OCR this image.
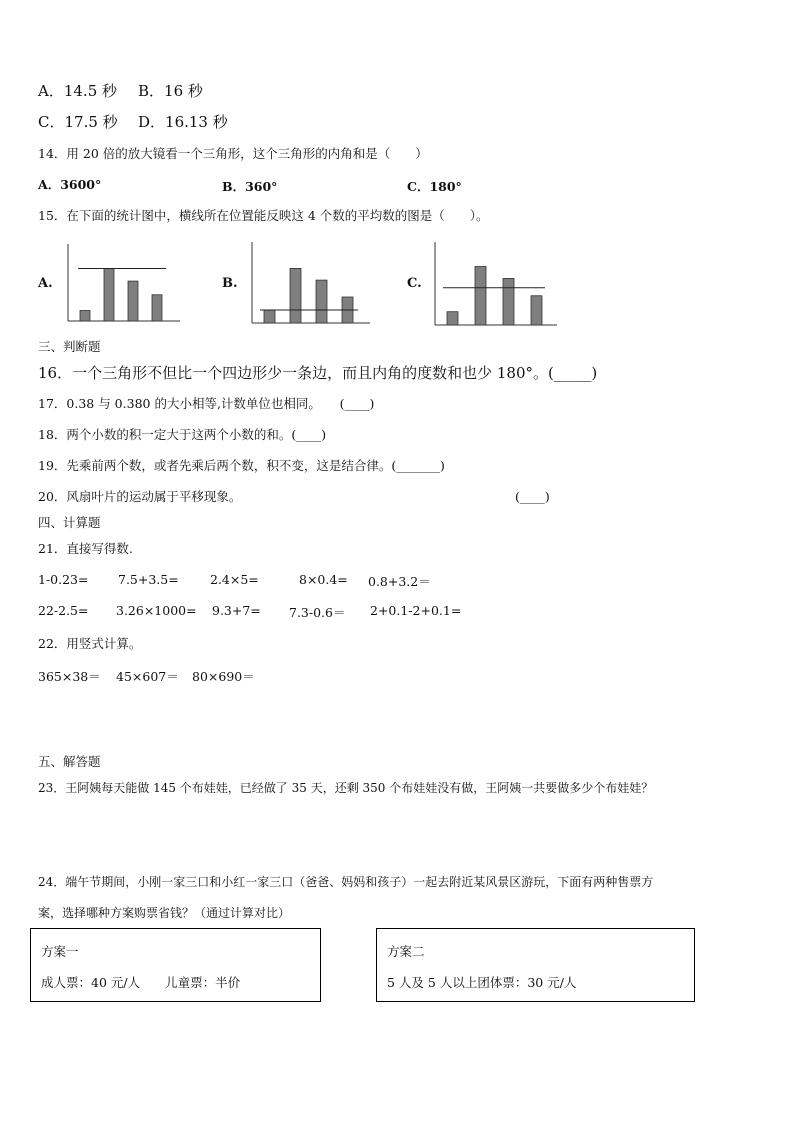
A．14.5 秒 B．16 秒
C．17.5 秒 D．16.13 秒
14．用 20 倍的放大镜看一个三角形，这个三角形的内角和是（　　）
A．3600°	B．360°	C．180°
15．在下面的统计图中，横线所在位置能反映这 4 个数的平均数的图是（　　）。
A.	B.	C.
三、判断题
16．一个三角形不但比一个四边形少一条边，而且内角的度数和也少 180°。(_____)
17．0.38 与 0.380 的大小相等,计数单位也相同。　　(____)
18．两个小数的积一定大于这两个小数的和。(____)
19．先乘前两个数，或者先乘后两个数，积不变，这是结合律。(_______)
20．风扇叶片的运动属于平移现象。	(____)
四、计算题
21．直接写得数.
1-0.23= 7.5+3.5=	2.4×5=	8×0.4= 0.8+3.2＝
22-2.5= 3.26×1000= 9.3+7= 7.3-0.6＝ 2+0.1-2+0.1=
22．用竖式计算。
365×38＝ 45×607＝ 80×690＝
五、解答题
23．王阿姨每天能做 145 个布娃娃，已经做了 35 天，还剩 350 个布娃娃没有做，王阿姨一共要做多少个布娃娃？
24．端午节期间，小刚一家三口和小红一家三口（爸爸、妈妈和孩子）一起去附近某风景区游玩，下面有两种售票方
案，选择哪种方案购票省钱？（通过计算对比）
方案一
成人票：40 元/人　　儿童票：半价
方案二
5 人及 5 人以上团体票：30 元/人
